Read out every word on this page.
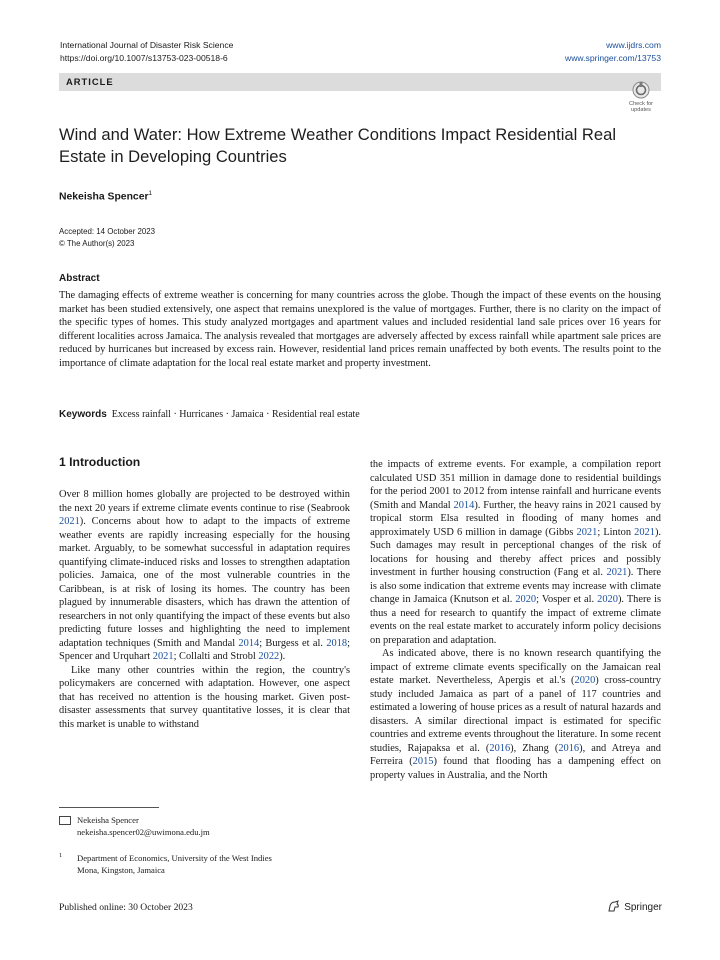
International Journal of Disaster Risk Science
https://doi.org/10.1007/s13753-023-00518-6
www.ijdrs.com
www.springer.com/13753
ARTICLE
Check for
updates
Wind and Water: How Extreme Weather Conditions Impact Residential Real Estate in Developing Countries
Nekeisha Spencer$^1$
Accepted: 14 October 2023
© The Author(s) 2023
Abstract
The damaging effects of extreme weather is concerning for many countries across the globe. Though the impact of these events on the housing market has been studied extensively, one aspect that remains unexplored is the value of mortgages. Further, there is no clarity on the impact of the specific types of homes. This study analyzed mortgages and apartment values and included residential land sale prices over 16 years for different localities across Jamaica. The analysis revealed that mortgages are adversely affected by excess rainfall while apartment sale prices are reduced by hurricanes but increased by excess rain. However, residential land prices remain unaffected by both events. The results point to the importance of climate adaptation for the local real estate market and property investment.
Keywords Excess rainfall · Hurricanes · Jamaica · Residential real estate
1 Introduction

Over 8 million homes globally are projected to be destroyed within the next 20 years if extreme climate events continue to rise (Seabrook 2021). Concerns about how to adapt to the impacts of extreme weather events are rapidly increasing especially for the housing market. Arguably, to be somewhat successful in adaptation requires quantifying climate-induced risks and losses to strengthen adaptation policies. Jamaica, one of the most vulnerable countries in the Caribbean, is at risk of losing its homes. The country has been plagued by innumerable disasters, which has drawn the attention of researchers in not only quantifying the impact of these events but also predicting future losses and highlighting the need to implement adaptation techniques (Smith and Mandal 2014; Burgess et al. 2018; Spencer and Urquhart 2021; Collalti and Strobl 2022).

Like many other countries within the region, the country's policymakers are concerned with adaptation. However, one aspect that has received no attention is the housing market. Given post-disaster assessments that survey quantitative losses, it is clear that this market is unable to withstand

the impacts of extreme events. For example, a compilation report calculated USD 351 million in damage done to residential buildings for the period 2001 to 2012 from intense rainfall and hurricane events (Smith and Mandal 2014). Further, the heavy rains in 2021 caused by tropical storm Elsa resulted in flooding of many homes and approximately USD 6 million in damage (Gibbs 2021; Linton 2021). Such damages may result in perceptional changes of the risk of locations for housing and thereby affect prices and possibly investment in further housing construction (Fang et al. 2021). There is also some indication that extreme events may increase with climate change in Jamaica (Knutson et al. 2020; Vosper et al. 2020). There is thus a need for research to quantify the impact of extreme climate events on the real estate market to accurately inform policy decisions on preparation and adaptation.

As indicated above, there is no known research quantifying the impact of extreme climate events specifically on the Jamaican real estate market. Nevertheless, Apergis et al.'s (2020) cross-country study included Jamaica as part of a panel of 117 countries and estimated a lowering of house prices as a result of natural hazards and disasters. A similar directional impact is estimated for specific countries and extreme events throughout the literature. In some recent studies, Rajapaksa et al. (2016), Zhang (2016), and Atreya and Ferreira (2015) found that flooding has a dampening effect on property values in Australia, and the North

Nekeisha Spencer
nekeisha.spencer02@uwimona.edu.jm
1	Department of Economics, University of the West Indies
Mona, Kingston, Jamaica
Published online: 30 October 2023	Springer
